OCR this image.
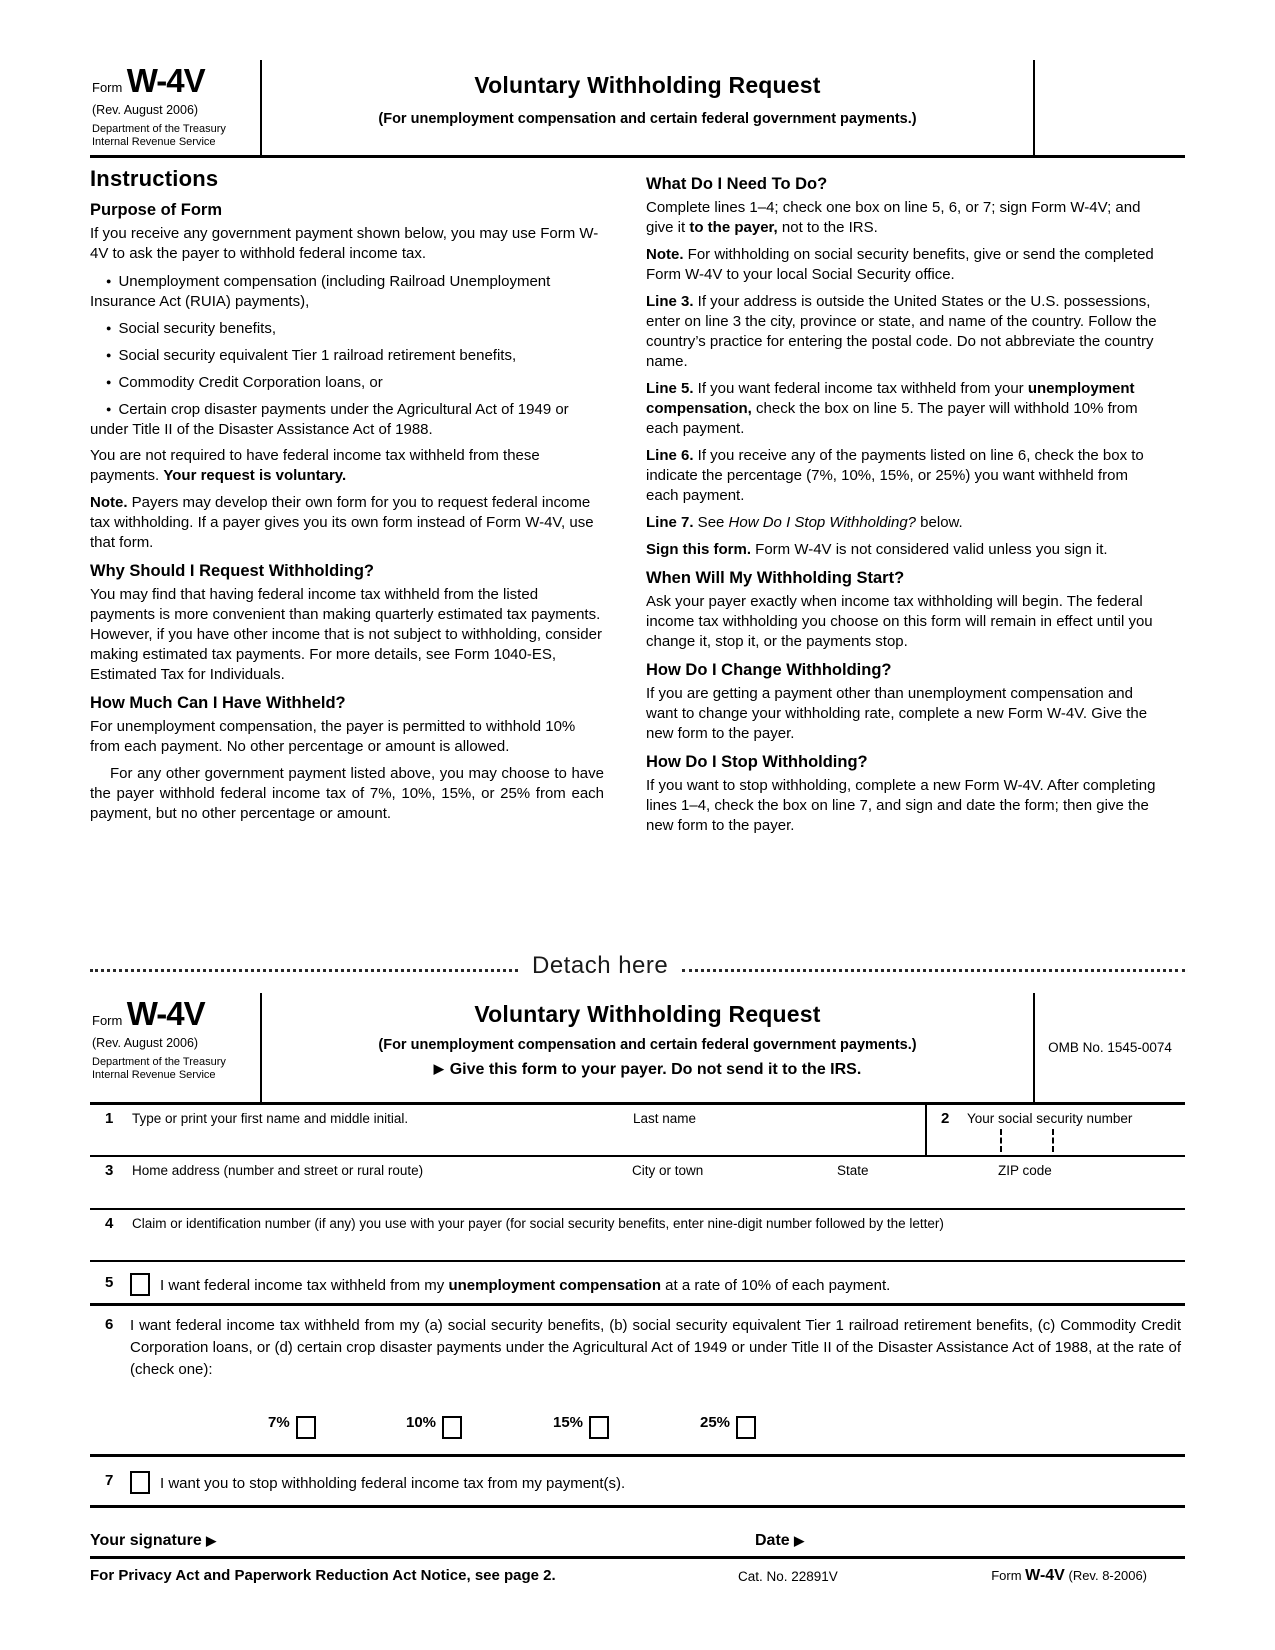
Form W-4V
(Rev. August 2006)
Department of the Treasury
Internal Revenue Service
Voluntary Withholding Request
(For unemployment compensation and certain federal government payments.)
Instructions
Purpose of Form
If you receive any government payment shown below, you may use Form W-4V to ask the payer to withhold federal income tax.
● Unemployment compensation (including Railroad Unemployment Insurance Act (RUIA) payments),
● Social security benefits,
● Social security equivalent Tier 1 railroad retirement benefits,
● Commodity Credit Corporation loans, or
● Certain crop disaster payments under the Agricultural Act of 1949 or under Title II of the Disaster Assistance Act of 1988.
You are not required to have federal income tax withheld from these payments. Your request is voluntary.
Note. Payers may develop their own form for you to request federal income tax withholding. If a payer gives you its own form instead of Form W-4V, use that form.
Why Should I Request Withholding?
You may find that having federal income tax withheld from the listed payments is more convenient than making quarterly estimated tax payments. However, if you have other income that is not subject to withholding, consider making estimated tax payments. For more details, see Form 1040-ES, Estimated Tax for Individuals.
How Much Can I Have Withheld?
For unemployment compensation, the payer is permitted to withhold 10% from each payment. No other percentage or amount is allowed.
For any other government payment listed above, you may choose to have the payer withhold federal income tax of 7%, 10%, 15%, or 25% from each payment, but no other percentage or amount.
What Do I Need To Do?
Complete lines 1–4; check one box on line 5, 6, or 7; sign Form W-4V; and give it to the payer, not to the IRS.
Note. For withholding on social security benefits, give or send the completed Form W-4V to your local Social Security office.
Line 3. If your address is outside the United States or the U.S. possessions, enter on line 3 the city, province or state, and name of the country. Follow the country’s practice for entering the postal code. Do not abbreviate the country name.
Line 5. If you want federal income tax withheld from your unemployment compensation, check the box on line 5. The payer will withhold 10% from each payment.
Line 6. If you receive any of the payments listed on line 6, check the box to indicate the percentage (7%, 10%, 15%, or 25%) you want withheld from each payment.
Line 7. See How Do I Stop Withholding? below.
Sign this form. Form W-4V is not considered valid unless you sign it.
When Will My Withholding Start?
Ask your payer exactly when income tax withholding will begin. The federal income tax withholding you choose on this form will remain in effect until you change it, stop it, or the payments stop.
How Do I Change Withholding?
If you are getting a payment other than unemployment compensation and want to change your withholding rate, complete a new Form W-4V. Give the new form to the payer.
How Do I Stop Withholding?
If you want to stop withholding, complete a new Form W-4V. After completing lines 1–4, check the box on line 7, and sign and date the form; then give the new form to the payer.
Detach here
Form W-4V
(Rev. August 2006)
Department of the Treasury
Internal Revenue Service
Voluntary Withholding Request
(For unemployment compensation and certain federal government payments.)
▶ Give this form to your payer. Do not send it to the IRS.
OMB No. 1545-0074
1 Type or print your first name and middle initial.	Last name	2 Your social security number
3 Home address (number and street or rural route)	City or town	State	ZIP code
4 Claim or identification number (if any) you use with your payer (for social security benefits, enter nine-digit number followed by the letter)
5	I want federal income tax withheld from my unemployment compensation at a rate of 10% of each payment.
6 I want federal income tax withheld from my (a) social security benefits, (b) social security equivalent Tier 1 railroad retirement benefits, (c) Commodity Credit Corporation loans, or (d) certain crop disaster payments under the Agricultural Act of 1949 or under Title II of the Disaster Assistance Act of 1988, at the rate of (check one):
7%	10%	15%	25%
7	I want you to stop withholding federal income tax from my payment(s).
Your signature ▶	Date ▶
For Privacy Act and Paperwork Reduction Act Notice, see page 2.	Cat. No. 22891V	Form W-4V (Rev. 8-2006)
